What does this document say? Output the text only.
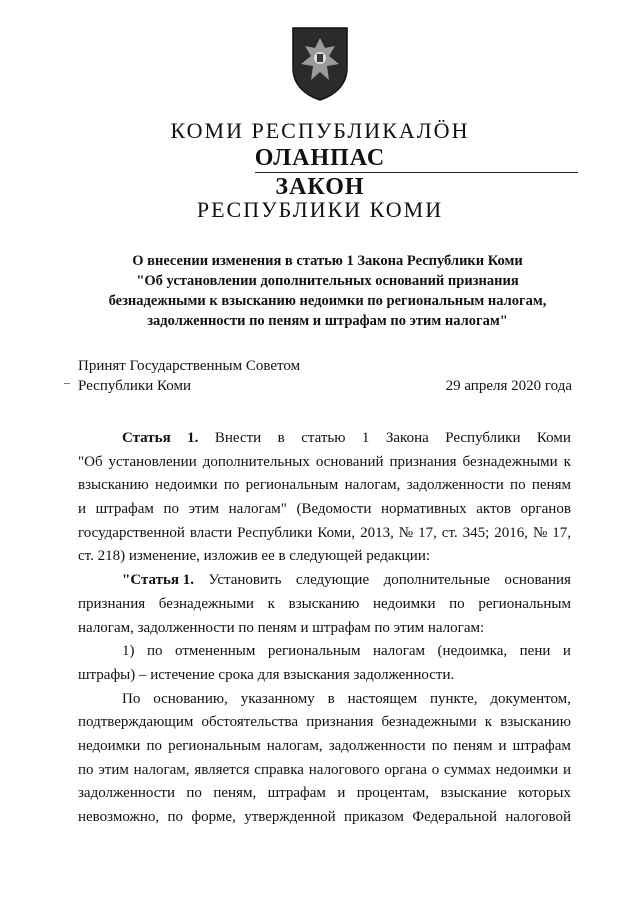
КОМИ РЕСПУБЛИКАЛӦН
ОЛАНПАС
ЗАКОН
РЕСПУБЛИКИ КОМИ
О внесении изменения в статью 1 Закона Республики Коми
"Об установлении дополнительных оснований признания
безнадежными к взысканию недоимки по региональным налогам,
задолженности по пеням и штрафам по этим налогам"
Принят Государственным Советом
Республики Коми	29 апреля 2020 года
Статья 1. Внести в статью 1 Закона Республики Коми
"Об установлении дополнительных оснований признания безнадежными к
взысканию недоимки по региональным налогам, задолженности по пеням
и штрафам по этим налогам" (Ведомости нормативных актов органов
государственной власти Республики Коми, 2013, № 17, ст. 345; 2016, № 17,
ст. 218) изменение, изложив ее в следующей редакции:
"Статья 1. Установить следующие дополнительные основания
признания безнадежными к взысканию недоимки по региональным
налогам, задолженности по пеням и штрафам по этим налогам:
1) по отмененным региональным налогам (недоимка, пени и
штрафы) – истечение срока для взыскания задолженности.
По основанию, указанному в настоящем пункте, документом,
подтверждающим обстоятельства признания безнадежными к взысканию
недоимки по региональным налогам, задолженности по пеням и штрафам
по этим налогам, является справка налогового органа о суммах недоимки и
задолженности по пеням, штрафам и процентам, взыскание которых
невозможно, по форме, утвержденной приказом Федеральной налоговой
